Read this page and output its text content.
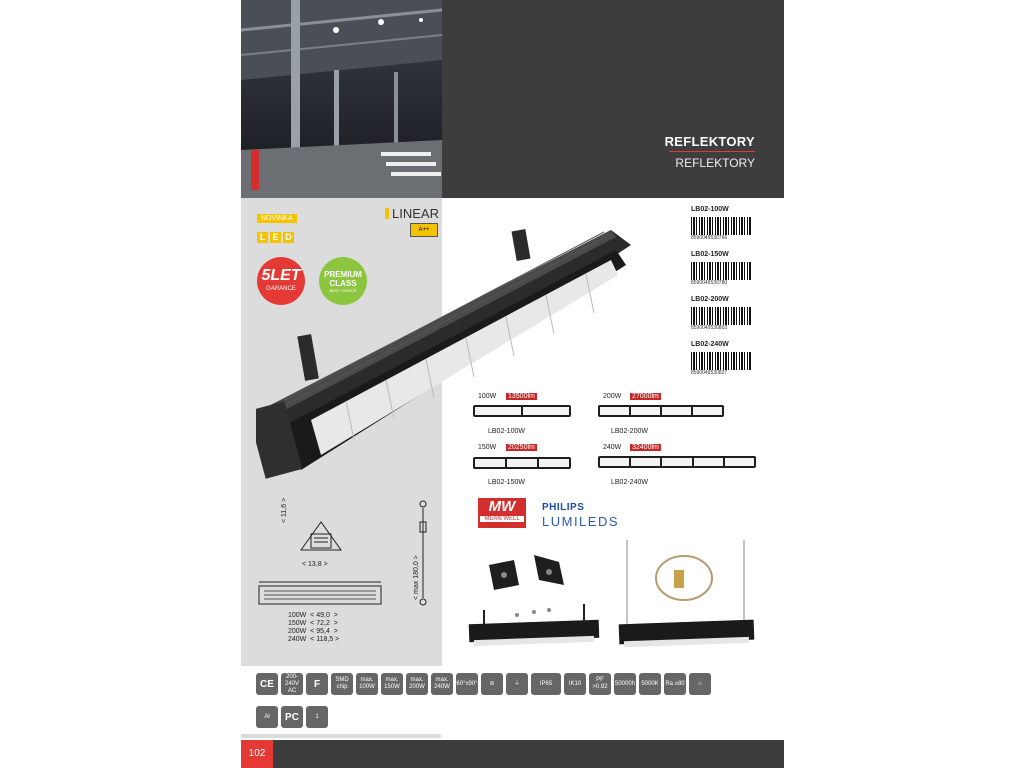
REFLEKTORY
REFLEKTORY
NOVINKA
L E D
LINEAR
A++
5LET
GARANCE
PREMIUM
CLASS
BEST CHOICE
LB02-100W
8590049530766
LB02-150W
8590049530780
LB02-200W
8590049530803
LB02-240W
8590049530827
100W 13500lm
LB02-100W
150W 20250lm
LB02-150W
200W 27000lm
LB02-200W
240W 32400lm
LB02-240W
MW
MEAN WELL
PHILIPS
LUMILEDS
< 11,6 >
< 13,8 >	< max 180,0 >
100W  < 49,0  >
150W  < 72,2  >
200W  < 95,4  >
240W  < 118,5 >
CE
200-240V AC
F	SMD chip
max. 100W
max. 150W
max. 200W
max. 240W
60°x90°	⊘	⏚	IP65	IK10
PF >0.92
50000h	5000K	Ra ≥80	⌂
Al	PC	1
102
